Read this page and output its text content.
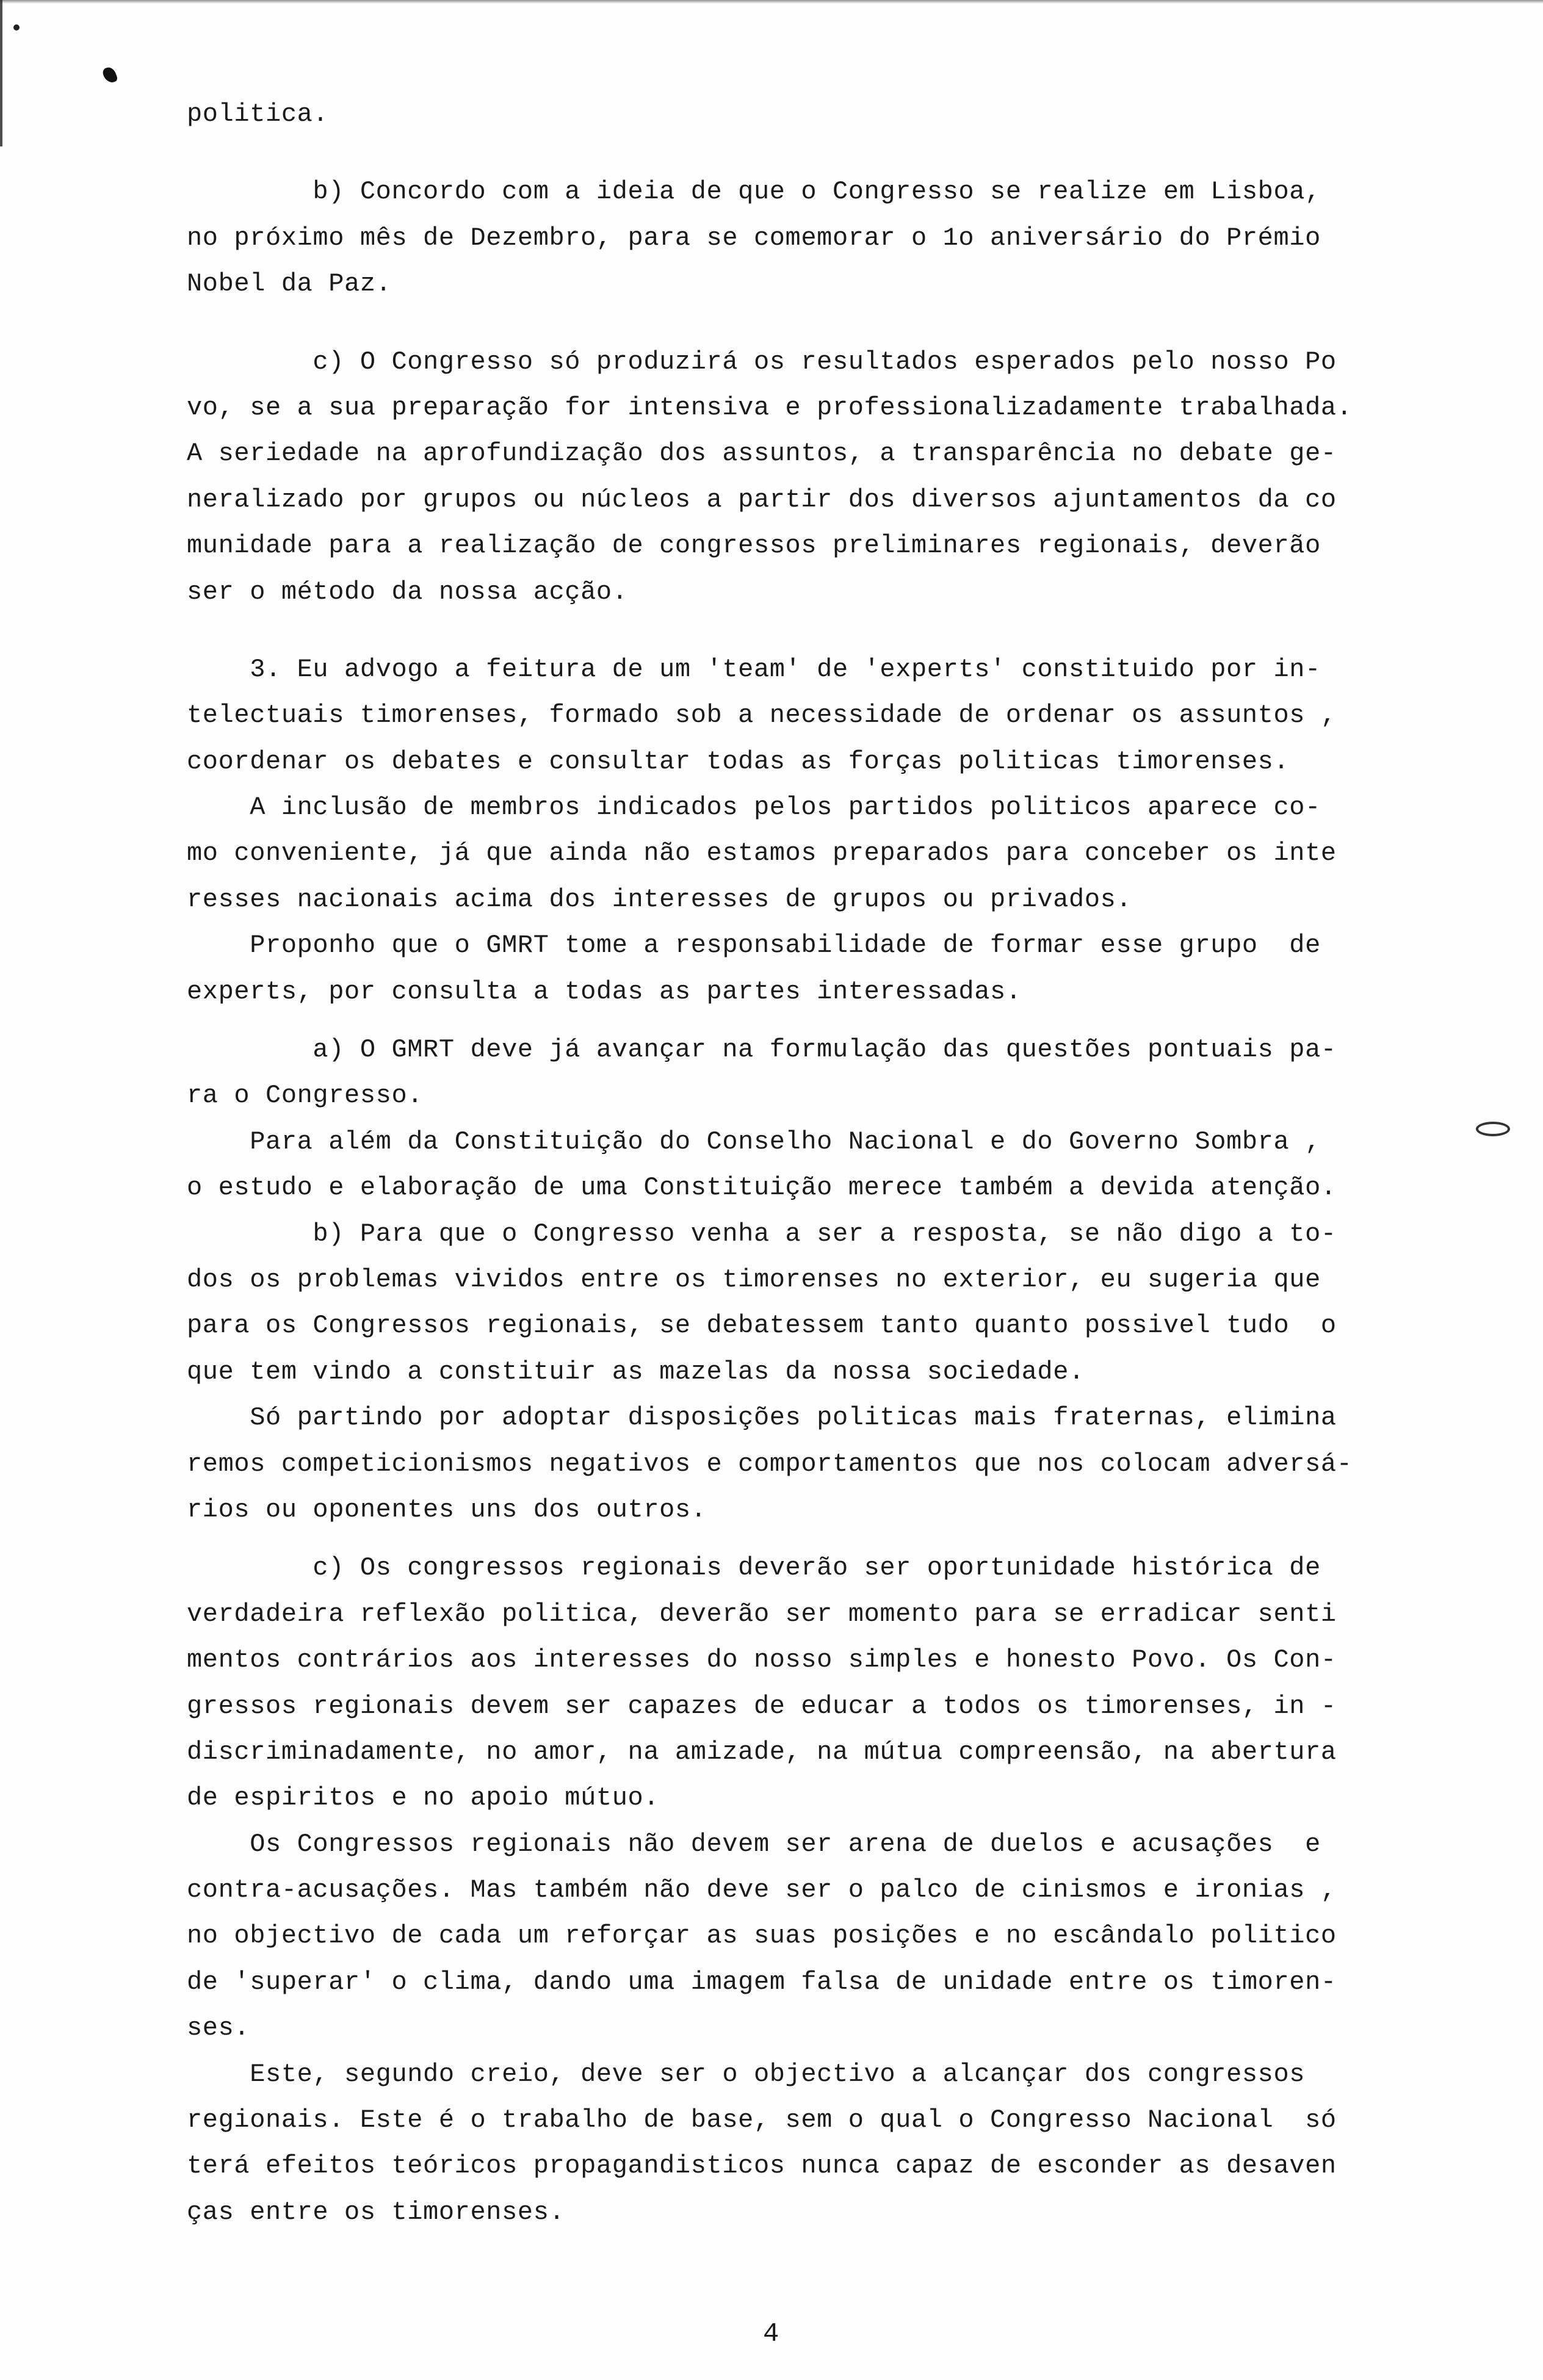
politica.
b) Concordo com a ideia de que o Congresso se realize em Lisboa,
no próximo mês de Dezembro, para se comemorar o 1o aniversário do Prémio
Nobel da Paz.
c) O Congresso só produzirá os resultados esperados pelo nosso Po
vo, se a sua preparação for intensiva e professionalizadamente trabalhada.
A seriedade na aprofundização dos assuntos, a transparência no debate ge-
neralizado por grupos ou núcleos a partir dos diversos ajuntamentos da co
munidade para a realização de congressos preliminares regionais, deverão
ser o método da nossa acção.
3. Eu advogo a feitura de um 'team' de 'experts' constituido por in-
telectuais timorenses, formado sob a necessidade de ordenar os assuntos ,
coordenar os debates e consultar todas as forças politicas timorenses.
A inclusão de membros indicados pelos partidos politicos aparece co-
mo conveniente, já que ainda não estamos preparados para conceber os inte
resses nacionais acima dos interesses de grupos ou privados.
Proponho que o GMRT tome a responsabilidade de formar esse grupo  de
experts, por consulta a todas as partes interessadas.
a) O GMRT deve já avançar na formulação das questões pontuais pa-
ra o Congresso.
Para além da Constituição do Conselho Nacional e do Governo Sombra ,
o estudo e elaboração de uma Constituição merece também a devida atenção.
b) Para que o Congresso venha a ser a resposta, se não digo a to-
dos os problemas vividos entre os timorenses no exterior, eu sugeria que
para os Congressos regionais, se debatessem tanto quanto possivel tudo  o
que tem vindo a constituir as mazelas da nossa sociedade.
Só partindo por adoptar disposições politicas mais fraternas, elimina
remos competicionismos negativos e comportamentos que nos colocam adversá-
rios ou oponentes uns dos outros.
c) Os congressos regionais deverão ser oportunidade histórica de
verdadeira reflexão politica, deverão ser momento para se erradicar senti
mentos contrários aos interesses do nosso simples e honesto Povo. Os Con-
gressos regionais devem ser capazes de educar a todos os timorenses, in -
discriminadamente, no amor, na amizade, na mútua compreensão, na abertura
de espiritos e no apoio mútuo.
Os Congressos regionais não devem ser arena de duelos e acusações  e
contra-acusações. Mas também não deve ser o palco de cinismos e ironias ,
no objectivo de cada um reforçar as suas posições e no escândalo politico
de 'superar' o clima, dando uma imagem falsa de unidade entre os timoren-
ses.
Este, segundo creio, deve ser o objectivo a alcançar dos congressos
regionais. Este é o trabalho de base, sem o qual o Congresso Nacional  só
terá efeitos teóricos propagandisticos nunca capaz de esconder as desaven
ças entre os timorenses.
4
